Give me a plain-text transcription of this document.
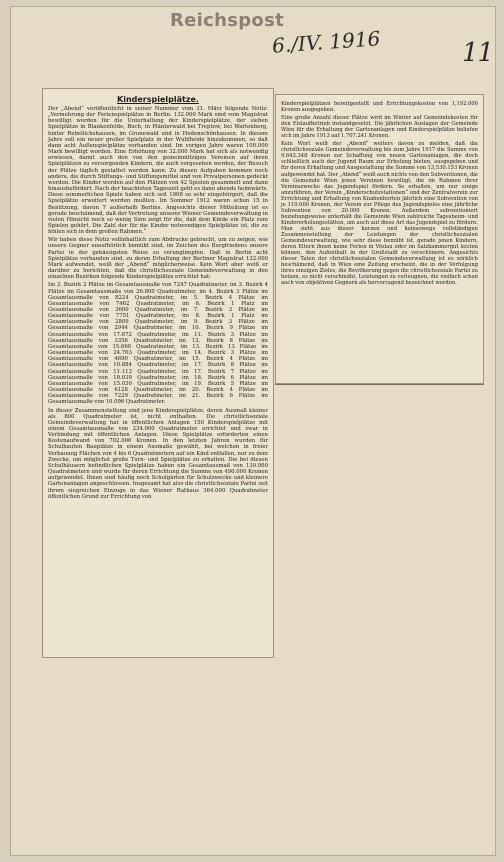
Reichspost
6./IV. 1916	11
Kinderspielplätze.

Der „Abend“ veröffentlicht in seiner Nummer vom 31. März folgende Notiz: „Vermehrung der Ferienspielplätze in Berlin. 132.000 Mark sind vom Magistrat bewilligt worden für die Unterhaltung der Kinderspielplätze, der sieben Spielplätze in Blankenfelde, Buch, in Plänterwald bei Treptow, bei Wartenberg, hinter Rebellichshausen, im Grunewald und in Hedenschönhausen. In diesem Jahre soll ein neuer großer Spielplatz in der Wuhlheide hinzukommen, so daß dann acht Außenspielplätze vorhanden sind. Im vorigen Jahre waren 100.000 Mark bewilligt worden. Eine Erhöhung von 32.000 Mark hat sich als notwendig erwiesen, damit auch den von den gemeinnützigen Vereinen auf ihren Spielplätzen zu versorgenden Kindern, die auch vorgesehen werden, der Besuch der Plätze täglich gestattet werden kann. Zu diesen Aufgaben kommen noch andere, die durch Stiftungs- und Stiftungsmittel und von Privatpersonen gedeckt werden. Die Kinder werden auf den Plätzen von 42 Spielen gesammelt und dann hinausbefördert. Nach der beachteten Tageszeit geht es dann abends heimwärts. Diese sommerlichen Spiele haben sich seit 1908 so sehr eingebürgert, daß die Spielplätze erweitert werden mußten. Im Sommer 1912 waren schon 15 in Benützung, davon 7 außerhalb Berlins. Angesichts dieser Mitteilung ist es gerade beschämend, daß der Vertretung unserer Wiener Gemeindeverwaltung in vielen Hinsicht noch so wenig Sinn zeigt für die, daß dem Kinde ein Platz zum Spielen gehört. Die Zahl der für die Kinder notwendigen Spielplätze ist, die zu fehlen sich in dem großen Rahmen.“

Wir haben diese Notiz vollinhaltlich zum Abdrucke gebracht, um zu zeigen, wie unsere Gegner unaufhörlich bemüht sind, im Zeichen des Burgfriedens unsere Partei in der gehässigsten Weise zu verunglimpfen. Daß in Berlin acht Spielplätze vorhanden sind, zu deren Erhaltung der Berliner Magistrat 132.000 Mark aufwendet, weiß der „Abend“ möglicherweise. Kein Wort aber weiß er darüber zu berichten, daß die christlichsoziale Gemeindeverwaltung in den einzelnen Bezirken folgende Kinderspielplätze errichtet hat:

Im 2. Bezirk 2 Plätze im Gesamtausmaße von 7247 Quadratmeter, im 3. Bezirk 4 Plätze im Gesamtausmaße von 26.800 Quadratmeter, im 4. Bezirk 3 Plätze im Gesamtausmaße von 8224 Quadratmeter, im 5. Bezirk 4 Plätze im Gesamtausmaße von 7462 Quadratmeter, im 6. Bezirk 1 Platz im Gesamtausmaße von 3600 Quadratmeter, im 7. Bezirk 3 Plätze im Gesamtausmaße von 7751 Quadratmeter, im 8. Bezirk 1 Platz im Gesamtausmaße von 2809 Quadratmeter, im 9. Bezirk 3 Plätze im Gesamtausmaße von 2944 Quadratmeter, im 10. Bezirk 9 Plätze im Gesamtausmaße von 17.672 Quadratmeter, im 11. Bezirk 3 Plätze im Gesamtausmaße von 3356 Quadratmeter, im 12. Bezirk 8 Plätze im Gesamtausmaße von 15.660 Quadratmeter, im 13. Bezirk 13 Plätze im Gesamtausmaße von 24.703 Quadratmeter, im 14. Bezirk 3 Plätze im Gesamtausmaße von 4690 Quadratmeter, im 15. Bezirk 4 Plätze im Gesamtausmaße von 10.884 Quadratmeter, im 17. Bezirk 8 Plätze im Gesamtausmaße von 11.113 Quadratmeter, im 17. Bezirk 7 Plätze im Gesamtausmaße von 10.039 Quadratmeter, im 18. Bezirk 6 Plätze im Gesamtausmaße von 15.030 Quadratmeter, im 19. Bezirk 5 Plätze im Gesamtausmaße von 6128 Quadratmeter, im 20. Bezirk 4 Plätze im Gesamtausmaße von 7229 Quadratmeter, im 21. Bezirk 6 Plätze im Gesamtausmaße von 10.096 Quadratmeter.

In dieser Zusammenstellung sind jene Kinderspielplätze, deren Ausmaß kleiner als 800 Quadratmeter ist, nicht enthalten. Die christlichsoziale Gemeindeverwaltung hat in öffentlichen Anlagen 150 Kinderspielplätze mit einem Gesamtausmaße von 234.000 Quadratmeter errichtet und zwar in Verbindung mit öffentlichen Anlagen. Diese Spielplätze erforderten einen Kostenaufwand von 702.000 Kronen. In den letzten Jahren wurden für Schulbauten Bauplätze in einem Ausmaße gewählt, bei welchen in freier Verbauung Flächen von 4 bis 6 Quadratmetern auf ein Kind entfallen, nur zu dem Zwecke, um möglichst große Turn- und Spielplätze zu erhalten. Die bei diesen Schulhäusern befindlichen Spielplätze haben ein Gesamtausmaß von 130.000 Quadratmetern und wurde für deren Errichtung die Summe von 490.000 Kronen aufgewendet. Ihnen sind häufig noch Schulgärten für Schulzwecke und kleinere Gartenanlagen angeschlossen. Insgesamt hat also die christlichsoziale Partei seit ihrem siegreichen Einzuge in das Wiener Rathaus 364.000 Quadratmeter öffentlichen Grund zur Errichtung von

Kinderspielplätzen bereitgestellt und Errichtungskosten von 1,192.000 Kronen ausgegeben.

Eine große Anzahl dieser Plätze wird im Winter auf Gemeindekosten für den Eislaufbetrieb instandgesetzt. Die jährlichen Auslagen der Gemeinde Wien für die Erhaltung der Gartenanlagen und Kinderspielplätze beliefen sich im Jahre 1913 auf 1,707.241 Kronen.

Kein Wort weiß der „Abend“ weiters davon zu melden, daß die christlichsoziale Gemeindeverwaltung bis zum Jahre 1917 die Summe von 9,643.348 Kronen zur Schaffung von neuen Gartenanlagen, die doch schließlich auch der Jugend Raum zur Erholung bieten, ausgegeben und für deren Erhaltung und Ausgestaltung die Summe von 13,530.153 Kronen aufgewendet hat. Der „Abend“ weiß auch nichts von den Subventionen, die die Gemeinde Wien jenen Vereinen bewilligt, die im Rahmen ihrer Vereinszwecke das Jugendspiel fördern. So erhalten, um nur einige anzuführen, der Verein „Kinderschutzstationen“ und der Zentralverein zur Errichtung und Erhaltung von Knabenhorten jährlich eine Subvention von je 110.000 Kronen, der Verein zur Pflege des Jugendspieles eine jährliche Subvention von 20.000 Kronen. Außerdem subventioniert beziehungsweise unterhält die Gemeinde Wien zahlreiche Tagesheim- und Kindererholungsstätten, um auch auf diese Art das Jugendspiel zu fördern. Man sieht aus dieser kurzen und keineswegs vollständigen Zusammenstellung der Leistungen der christlichsozialen Gemeindeverwaltung, wie sehr diese bemüht ist, gerade jenen Kindern, deren Eltern ihnen keine Ferien in Vöslau oder im Salzkammergut leisten können, den Aufenthalt in der Großstadt zu verschönern. Angesichts dieser Taten der christlichsozialen Gemeindeverwaltung ist es wirklich beschämend, daß in Wien eine Zeitung erscheint, die in der Verfolgung ihres einzigen Zieles, die Bevölkerung gegen die christlichsoziale Partei zu hetzen, es nicht verschmäht, Leistungen zu verleugnen, die vielfach schon auch von objektiven Gegnern als hervorragend bezeichnet werden.
